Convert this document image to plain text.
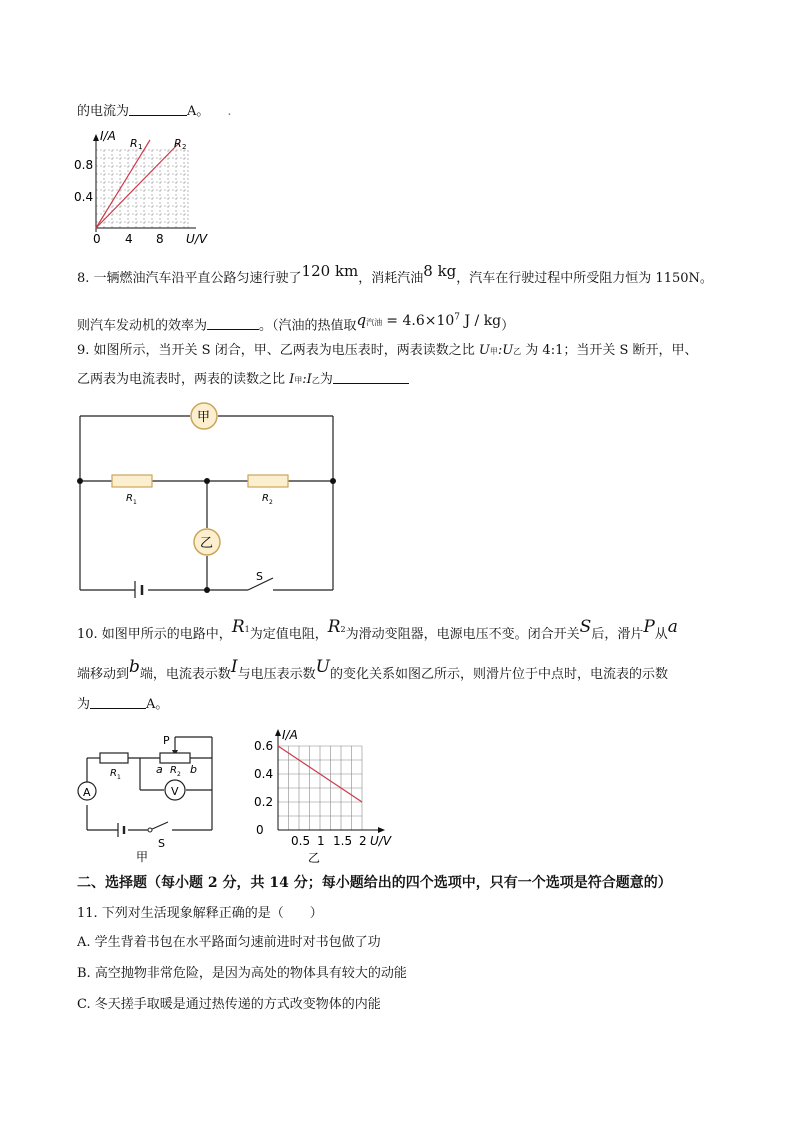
的电流为	A。 .
I/A
0.8
0.4
0 4 8 U/V
R 1	R 2
8. 一辆燃油汽车沿平直公路匀速行驶了120 km，消耗汽油8 kg，汽车在行驶过程中所受阻力恒为 1150N。
则汽车发动机的效率为	。（汽油的热值取q汽油 = $4.6\times 10^7$ J / kg）
9. 如图所示，当开关 S 闭合，甲、乙两表为电压表时，两表读数之比 U甲:U乙 为 4:1；当开关 S 断开，甲、
乙两表为电流表时，两表的读数之比 I甲:I乙为
甲
乙
R 1	R 2
S
10. 如图甲所示的电路中，R1为定值电阻，R2为滑动变阻器，电源电压不变。闭合开关S后，滑片P从a
端移动到b端，电流表示数I与电压表示数U的变化关系如图乙所示，则滑片位于中点时，电流表的示数
为	A。
A	V
P
R 1
a R 2 b
S
甲
0.6
0.4
0.2
0.5 1 1.5 2
I/A
0
U/V
乙
二、选择题（每小题 2 分，共 14 分；每小题给出的四个选项中，只有一个选项是符合题意的）
11. 下列对生活现象解释正确的是（　　）
A. 学生背着书包在水平路面匀速前进时对书包做了功
B. 高空抛物非常危险，是因为高处的物体具有较大的动能
C. 冬天搓手取暖是通过热传递的方式改变物体的内能
